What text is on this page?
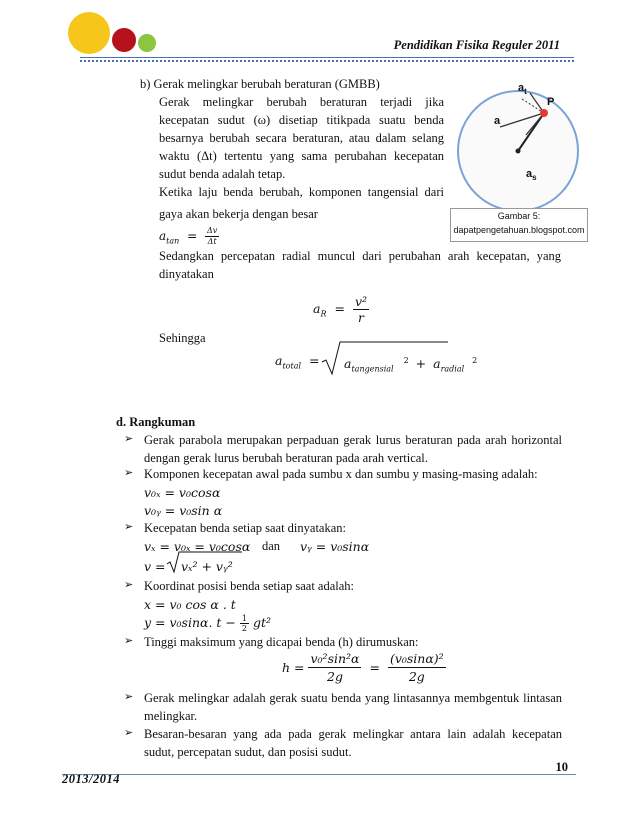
Pendidikan Fisika Reguler 2011
b) Gerak melingkar berubah beraturan (GMBB)
Gerak melingkar berubah beraturan terjadi jika
kecepatan sudut (ω) disetiap titikpada suatu benda
besarnya berubah secara beraturan, atau dalam selang
waktu (Δt) tertentu yang sama perubahan kecepatan
sudut benda adalah tetap.
Ketika laju benda berubah, komponen tangensial dari
gaya akan bekerja dengan besar
$a_{tan} = \frac{\Delta v}{\Delta t}$
Sedangkan percepatan radial muncul dari perubahan arah kecepatan, yang
dinyatakan
$a_R = \frac{\text{v²}}{r}$
Sehingga
$a_{total}$ =	$a_{tangensial}$ $^2 + a_{radial}$ $^2$
$a_t$
P
a
$a_s$
Gambar 5:
dapatpengetahuan.blogspot.com
d. Rangkuman
➢ Gerak parabola merupakan perpaduan gerak lurus beraturan pada arah horizontal
dengan gerak lurus berubah beraturan pada arah vertical.
➢ Komponen kecepatan awal pada sumbu x dan sumbu y masing-masing adalah:
v₀ₓ = v₀cosα
v₀ᵧ = v₀sin α
➢ Kecepatan benda setiap saat dinyatakan:
vₓ = v₀ₓ = v₀cosα dan vᵧ = v₀sinα
v = vₓ² + vᵧ²
➢ Koordinat posisi benda setiap saat adalah:
x = v₀ cos α . t
y = v₀sinα. $t - \frac{1}{2} gt^2$
➢ Tinggi maksimum yang dicapai benda (h) dirumuskan:
$h = \frac{\text{v₀²sin²α}}{2g} = \frac{\text{(v₀sinα)²}}{2g}$
➢ Gerak melingkar adalah gerak suatu benda yang lintasannya membgentuk lintasan
melingkar.
➢ Besaran-besaran yang ada pada gerak melingkar antara lain adalah kecepatan
sudut, percepatan sudut, dan posisi sudut.
10
2013/2014
